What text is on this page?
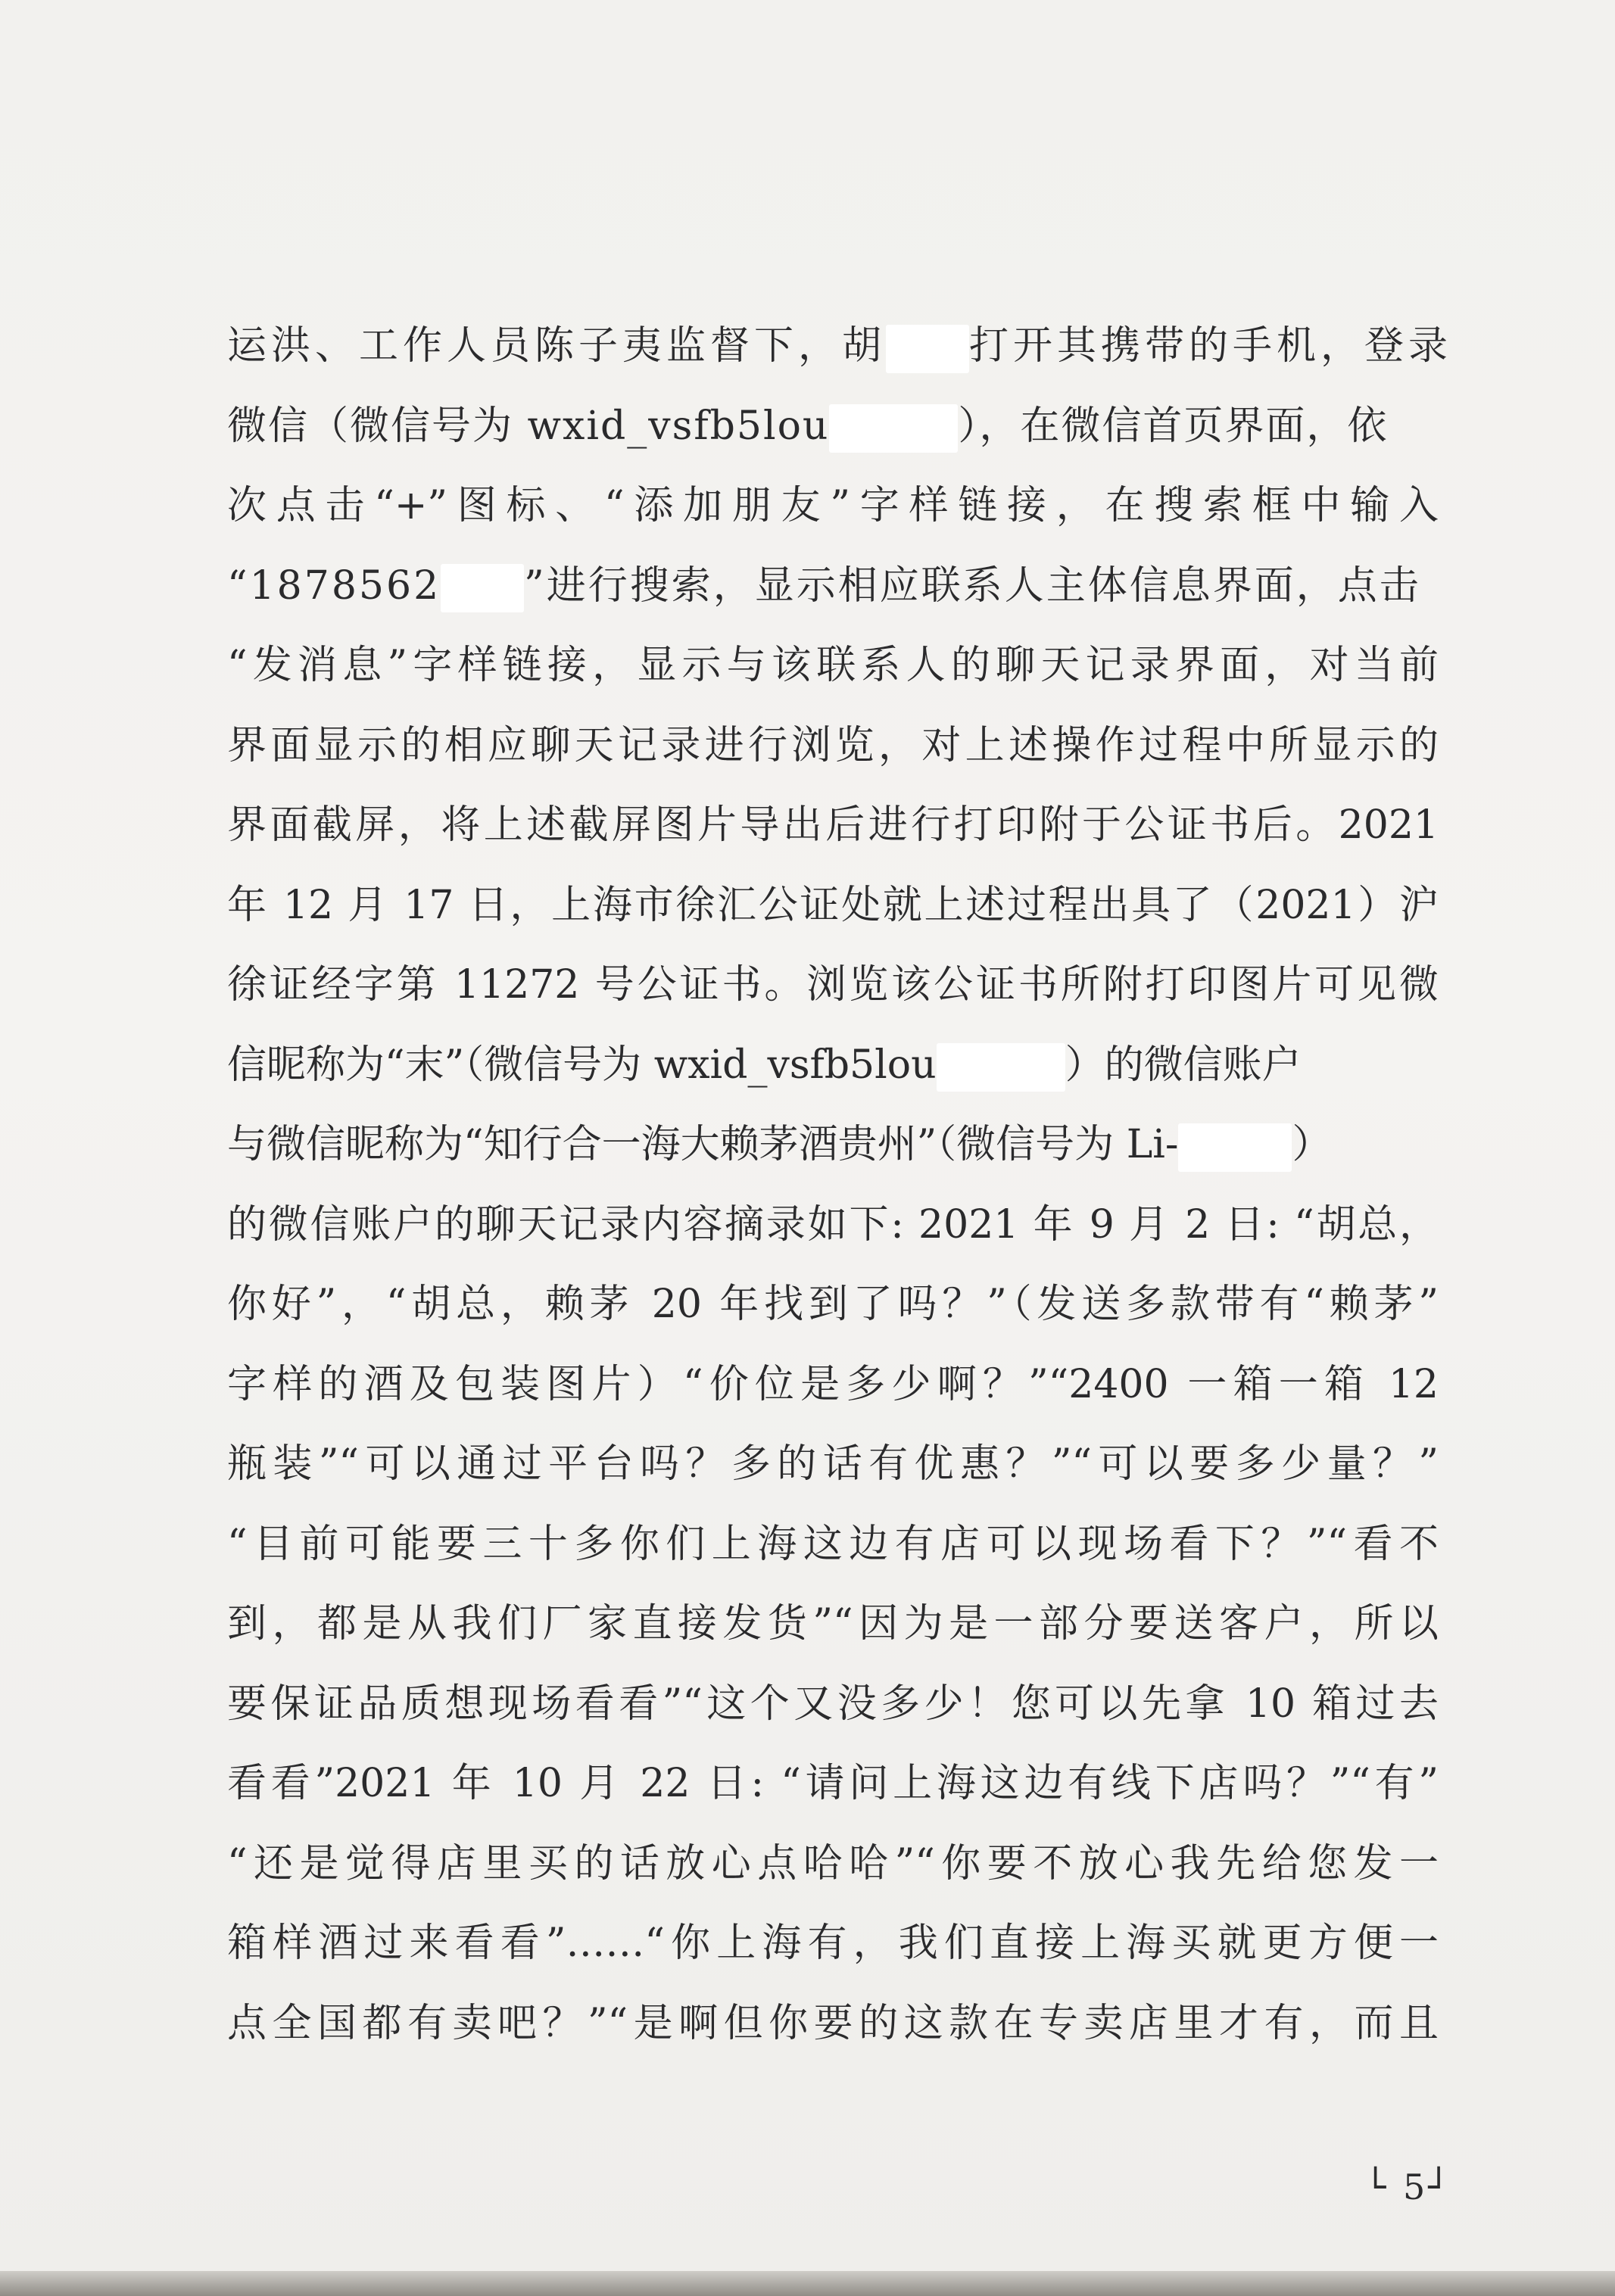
运洪、工作人员陈子夷监督下，胡 打开其携带的手机，登录
微信（微信号为 wxid_vsfb5lou	），在微信首页界面，依
次点击“+”图标、“添加朋友”字样链接，在搜索框中输入
“1878562 ”进行搜索，显示相应联系人主体信息界面，点击
“发消息”字样链接，显示与该联系人的聊天记录界面，对当前
界面显示的相应聊天记录进行浏览，对上述操作过程中所显示的
界面截屏，将上述截屏图片导出后进行打印附于公证书后。2021
年 12 月 17 日，上海市徐汇公证处就上述过程出具了（2021）沪
徐证经字第 11272 号公证书。浏览该公证书所附打印图片可见微
信昵称为“末”（微信号为 wxid_vsfb5lou	）的微信账户
与微信昵称为“知行合一海大赖茅酒贵州”（微信号为 Li-	）
的微信账户的聊天记录内容摘录如下: 2021 年 9 月 2 日: “胡总，
你好”，“胡总，赖茅 20 年找到了吗？”（发送多款带有“赖茅”
字样的酒及包装图片）“价位是多少啊？”“2400 一箱一箱 12
瓶装”“可以通过平台吗？多的话有优惠？”“可以要多少量？”
“目前可能要三十多你们上海这边有店可以现场看下？”“看不
到，都是从我们厂家直接发货”“因为是一部分要送客户，所以
要保证品质想现场看看”“这个又没多少！您可以先拿 10 箱过去
看看”2021 年 10 月 22 日: “请问上海这边有线下店吗？”“有”
“还是觉得店里买的话放心点哈哈”“你要不放心我先给您发一
箱样酒过来看看”……“你上海有，我们直接上海买就更方便一
点全国都有卖吧？”“是啊但你要的这款在专卖店里才有，而且
└ 5┘
